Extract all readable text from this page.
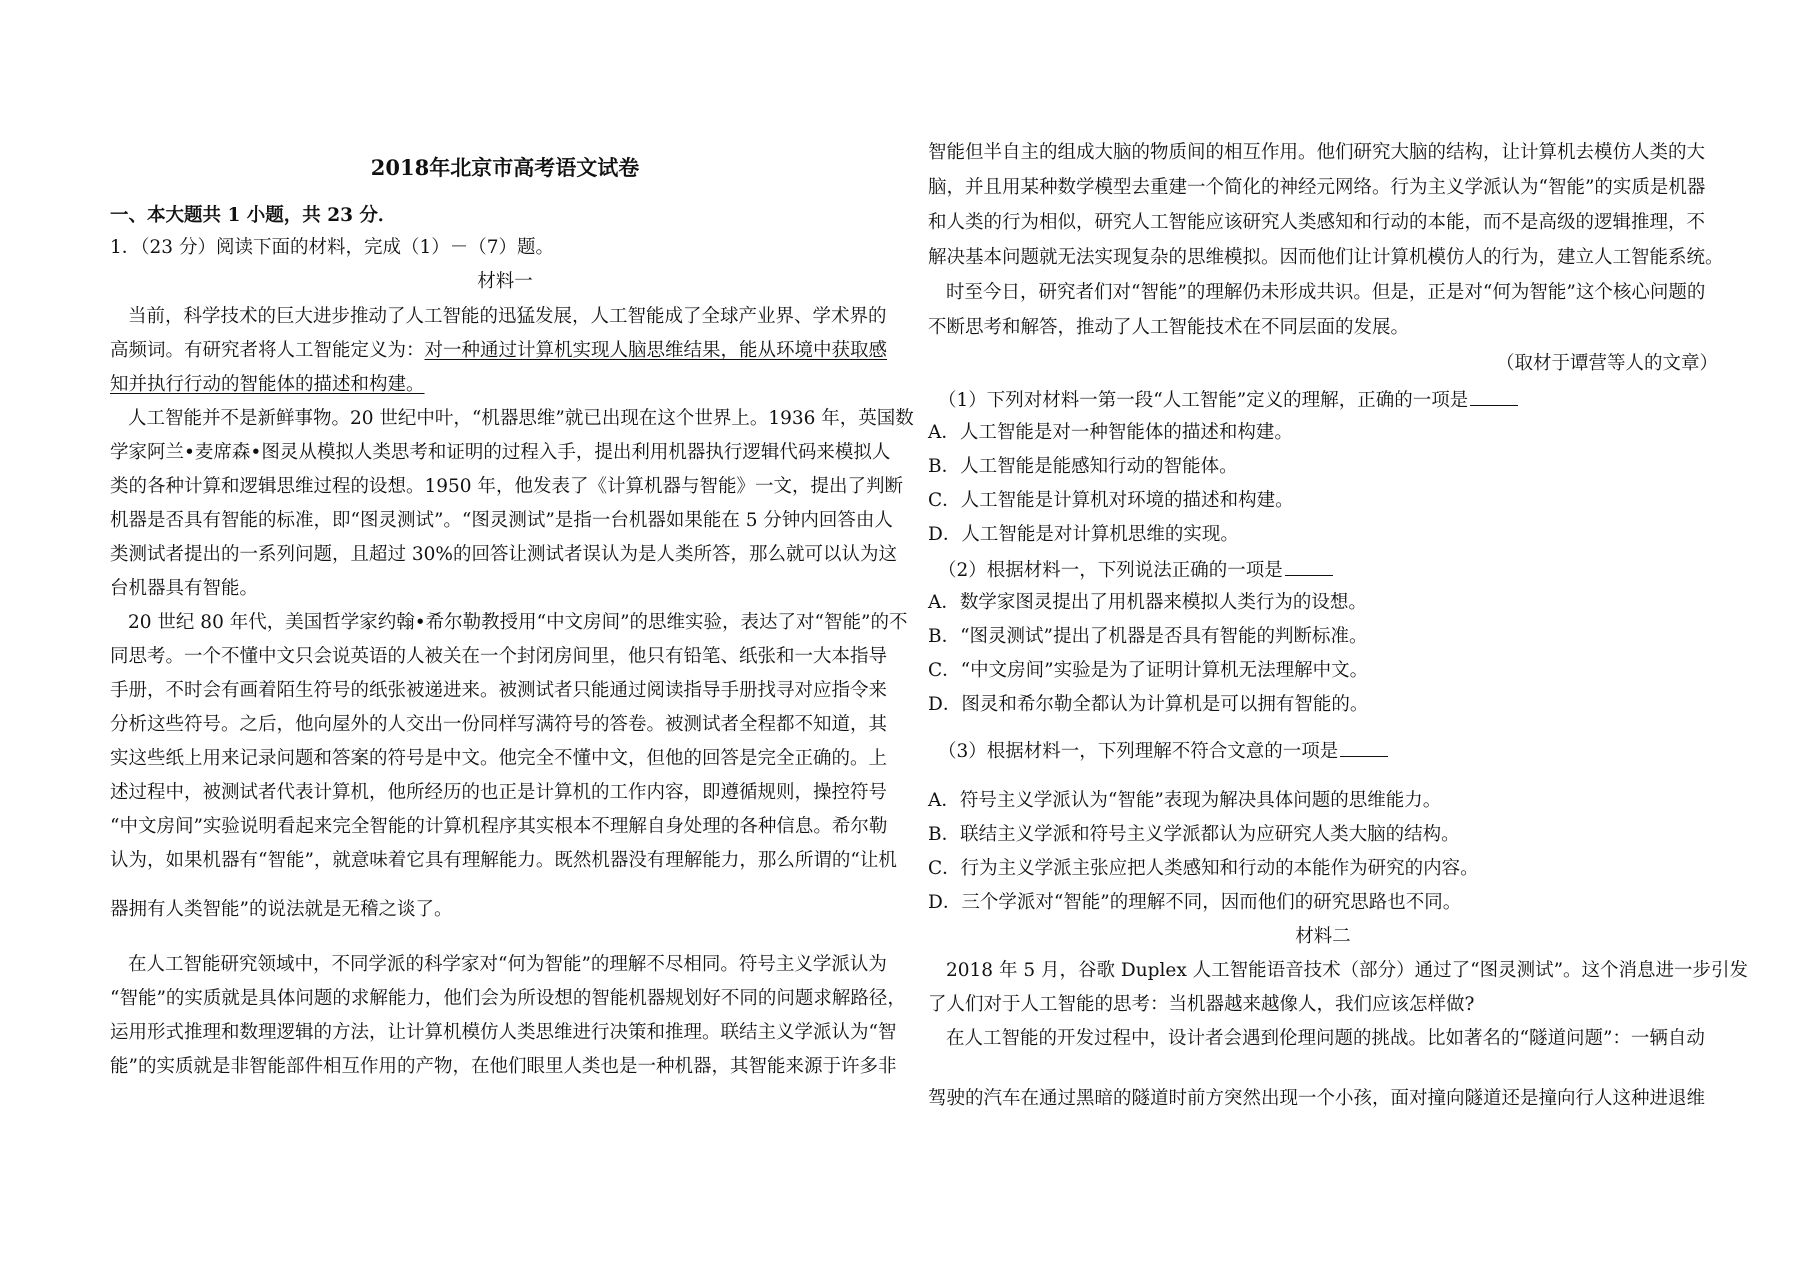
2018年北京市高考语文试卷
一、本大题共 1 小题，共 23 分．
1．（23 分）阅读下面的材料，完成（1）－（7）题。
材料一
当前，科学技术的巨大进步推动了人工智能的迅猛发展，人工智能成了全球产业界、学术界的
高频词。有研究者将人工智能定义为：对一种通过计算机实现人脑思维结果，能从环境中获取感
知并执行行动的智能体的描述和构建。
人工智能并不是新鲜事物。20 世纪中叶，“机器思维”就已出现在这个世界上。1936 年，英国数
学家阿兰•麦席森•图灵从模拟人类思考和证明的过程入手，提出利用机器执行逻辑代码来模拟人
类的各种计算和逻辑思维过程的设想。1950 年，他发表了《计算机器与智能》一文，提出了判断
机器是否具有智能的标准，即“图灵测试”。“图灵测试”是指一台机器如果能在 5 分钟内回答由人
类测试者提出的一系列问题，且超过 30%的回答让测试者误认为是人类所答，那么就可以认为这
台机器具有智能。
20 世纪 80 年代，美国哲学家约翰•希尔勒教授用“中文房间”的思维实验，表达了对“智能”的不
同思考。一个不懂中文只会说英语的人被关在一个封闭房间里，他只有铅笔、纸张和一大本指导
手册，不时会有画着陌生符号的纸张被递进来。被测试者只能通过阅读指导手册找寻对应指令来
分析这些符号。之后，他向屋外的人交出一份同样写满符号的答卷。被测试者全程都不知道，其
实这些纸上用来记录问题和答案的符号是中文。他完全不懂中文，但他的回答是完全正确的。上
述过程中，被测试者代表计算机，他所经历的也正是计算机的工作内容，即遵循规则，操控符号
“中文房间”实验说明看起来完全智能的计算机程序其实根本不理解自身处理的各种信息。希尔勒
认为，如果机器有“智能”，就意味着它具有理解能力。既然机器没有理解能力，那么所谓的“让机
器拥有人类智能”的说法就是无稽之谈了。
在人工智能研究领域中，不同学派的科学家对“何为智能”的理解不尽相同。符号主义学派认为
“智能”的实质就是具体问题的求解能力，他们会为所设想的智能机器规划好不同的问题求解路径，
运用形式推理和数理逻辑的方法，让计算机模仿人类思维进行决策和推理。联结主义学派认为“智
能”的实质就是非智能部件相互作用的产物，在他们眼里人类也是一种机器，其智能来源于许多非
智能但半自主的组成大脑的物质间的相互作用。他们研究大脑的结构，让计算机去模仿人类的大
脑，并且用某种数学模型去重建一个简化的神经元网络。行为主义学派认为“智能”的实质是机器
和人类的行为相似，研究人工智能应该研究人类感知和行动的本能，而不是高级的逻辑推理，不
解决基本问题就无法实现复杂的思维模拟。因而他们让计算机模仿人的行为，建立人工智能系统。
时至今日，研究者们对“智能”的理解仍未形成共识。但是，正是对“何为智能”这个核心问题的
不断思考和解答，推动了人工智能技术在不同层面的发展。
（取材于谭营等人的文章）
（1）下列对材料一第一段“人工智能”定义的理解，正确的一项是
A．人工智能是对一种智能体的描述和构建。
B．人工智能是能感知行动的智能体。
C．人工智能是计算机对环境的描述和构建。
D．人工智能是对计算机思维的实现。
（2）根据材料一，下列说法正确的一项是
A．数学家图灵提出了用机器来模拟人类行为的设想。
B．“图灵测试”提出了机器是否具有智能的判断标准。
C．“中文房间”实验是为了证明计算机无法理解中文。
D．图灵和希尔勒全都认为计算机是可以拥有智能的。
（3）根据材料一，下列理解不符合文意的一项是
A．符号主义学派认为“智能”表现为解决具体问题的思维能力。
B．联结主义学派和符号主义学派都认为应研究人类大脑的结构。
C．行为主义学派主张应把人类感知和行动的本能作为研究的内容。
D．三个学派对“智能”的理解不同，因而他们的研究思路也不同。
材料二
2018 年 5 月，谷歌 Duplex 人工智能语音技术（部分）通过了“图灵测试”。这个消息进一步引发
了人们对于人工智能的思考：当机器越来越像人，我们应该怎样做?
在人工智能的开发过程中，设计者会遇到伦理问题的挑战。比如著名的“隧道问题”：一辆自动
驾驶的汽车在通过黑暗的隧道时前方突然出现一个小孩，面对撞向隧道还是撞向行人这种进退维
